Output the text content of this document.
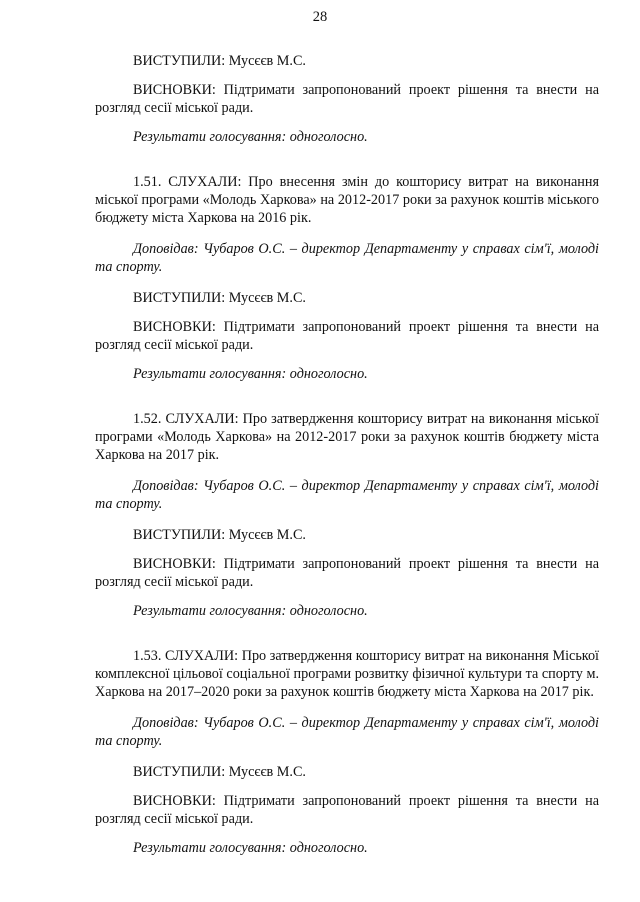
28

ВИСТУПИЛИ: Мусєєв М.С.

ВИСНОВКИ: Підтримати запропонований проект рішення та внести на розгляд сесії міської ради.

Результати голосування: одноголосно.

1.51. СЛУХАЛИ: Про внесення змін до кошторису витрат на виконання міської програми «Молодь Харкова» на 2012-2017 роки за рахунок коштів міського бюджету міста Харкова на 2016 рік.

Доповідав: Чубаров О.С. – директор Департаменту у справах сім'ї, молоді та спорту.

ВИСТУПИЛИ: Мусєєв М.С.

ВИСНОВКИ: Підтримати запропонований проект рішення та внести на розгляд сесії міської ради.

Результати голосування: одноголосно.

1.52. СЛУХАЛИ: Про затвердження кошторису витрат на виконання міської програми «Молодь Харкова» на 2012-2017 роки за рахунок коштів бюджету міста Харкова на 2017 рік.

Доповідав: Чубаров О.С. – директор Департаменту у справах сім'ї, молоді та спорту.

ВИСТУПИЛИ: Мусєєв М.С.

ВИСНОВКИ: Підтримати запропонований проект рішення та внести на розгляд сесії міської ради.

Результати голосування: одноголосно.

1.53. СЛУХАЛИ: Про затвердження кошторису витрат на виконання Міської комплексної цільової соціальної програми розвитку фізичної культури та спорту м. Харкова на 2017–2020 роки за рахунок коштів бюджету міста Харкова на 2017 рік.

Доповідав: Чубаров О.С. – директор Департаменту у справах сім'ї, молоді та спорту.

ВИСТУПИЛИ: Мусєєв М.С.

ВИСНОВКИ: Підтримати запропонований проект рішення та внести на розгляд сесії міської ради.

Результати голосування: одноголосно.
